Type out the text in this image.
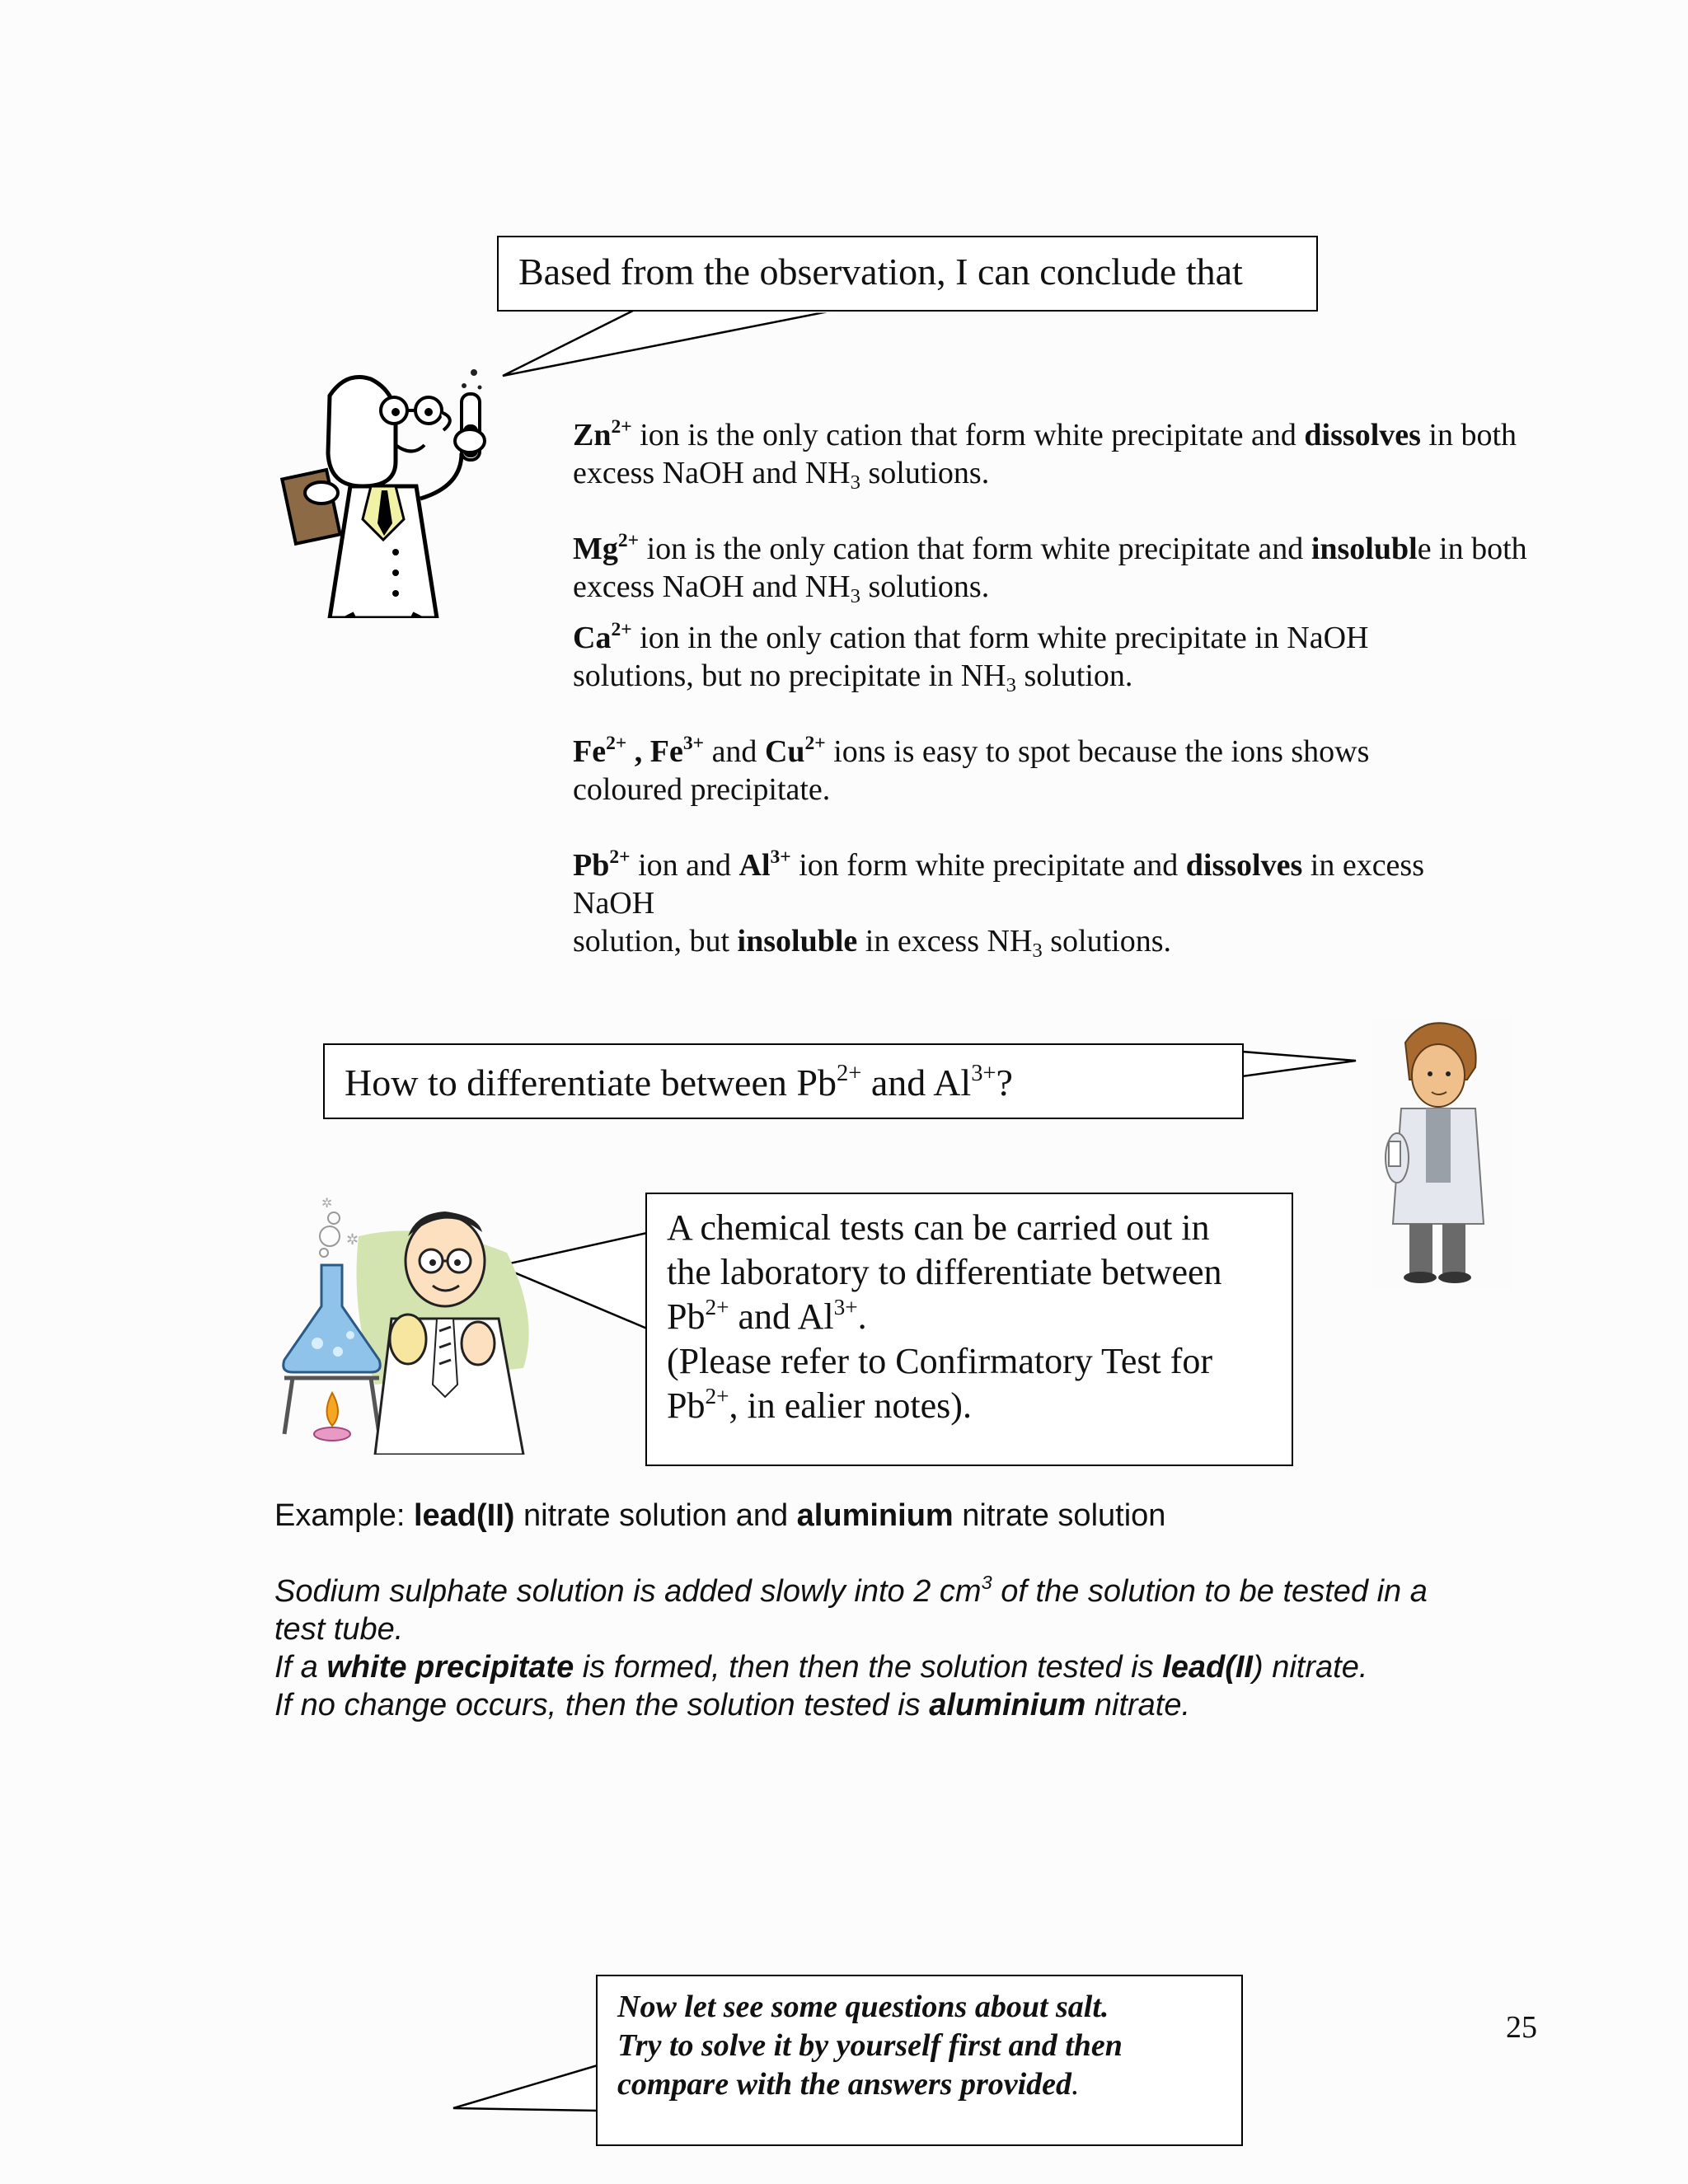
Based from the observation, I can conclude that

$Zn^{2+}$ ion is the only cation that form white precipitate and dissolves in both excess NaOH and $NH_3$ solutions.

$Mg^{2+}$ ion is the only cation that form white precipitate and insoluble in both excess NaOH and $NH_3$ solutions.

$Ca^{2+}$ ion in the only cation that form white precipitate in NaOH solutions, but no precipitate in $NH_3$ solution.

$Fe^{2+}$ , $Fe^{3+}$ and $Cu^{2+}$ ions is easy to spot because the ions shows coloured precipitate.

$Pb^{2+}$ ion and $Al^{3+}$ ion form white precipitate and dissolves in excess NaOH
solution, but insoluble in excess $NH_3$ solutions.

How to differentiate between $Pb^{2+}$ and $Al^{3+}$?
✲
✲
A chemical tests can be carried out in
the laboratory to differentiate between
$Pb^{2+}$ and $Al^{3+}$.
(Please refer to Confirmatory Test for
$Pb^{2+}$, in ealier notes).
Example: lead(II) nitrate solution and aluminium nitrate solution
Sodium sulphate solution is added slowly into 2 $cm^3$ of the solution to be tested in a
test tube.
If a white precipitate is formed, then then the solution tested is lead(II) nitrate.
If no change occurs, then the solution tested is aluminium nitrate.
Now let see some questions about salt.
Try to solve it by yourself first and then
compare with the answers provided.
25
